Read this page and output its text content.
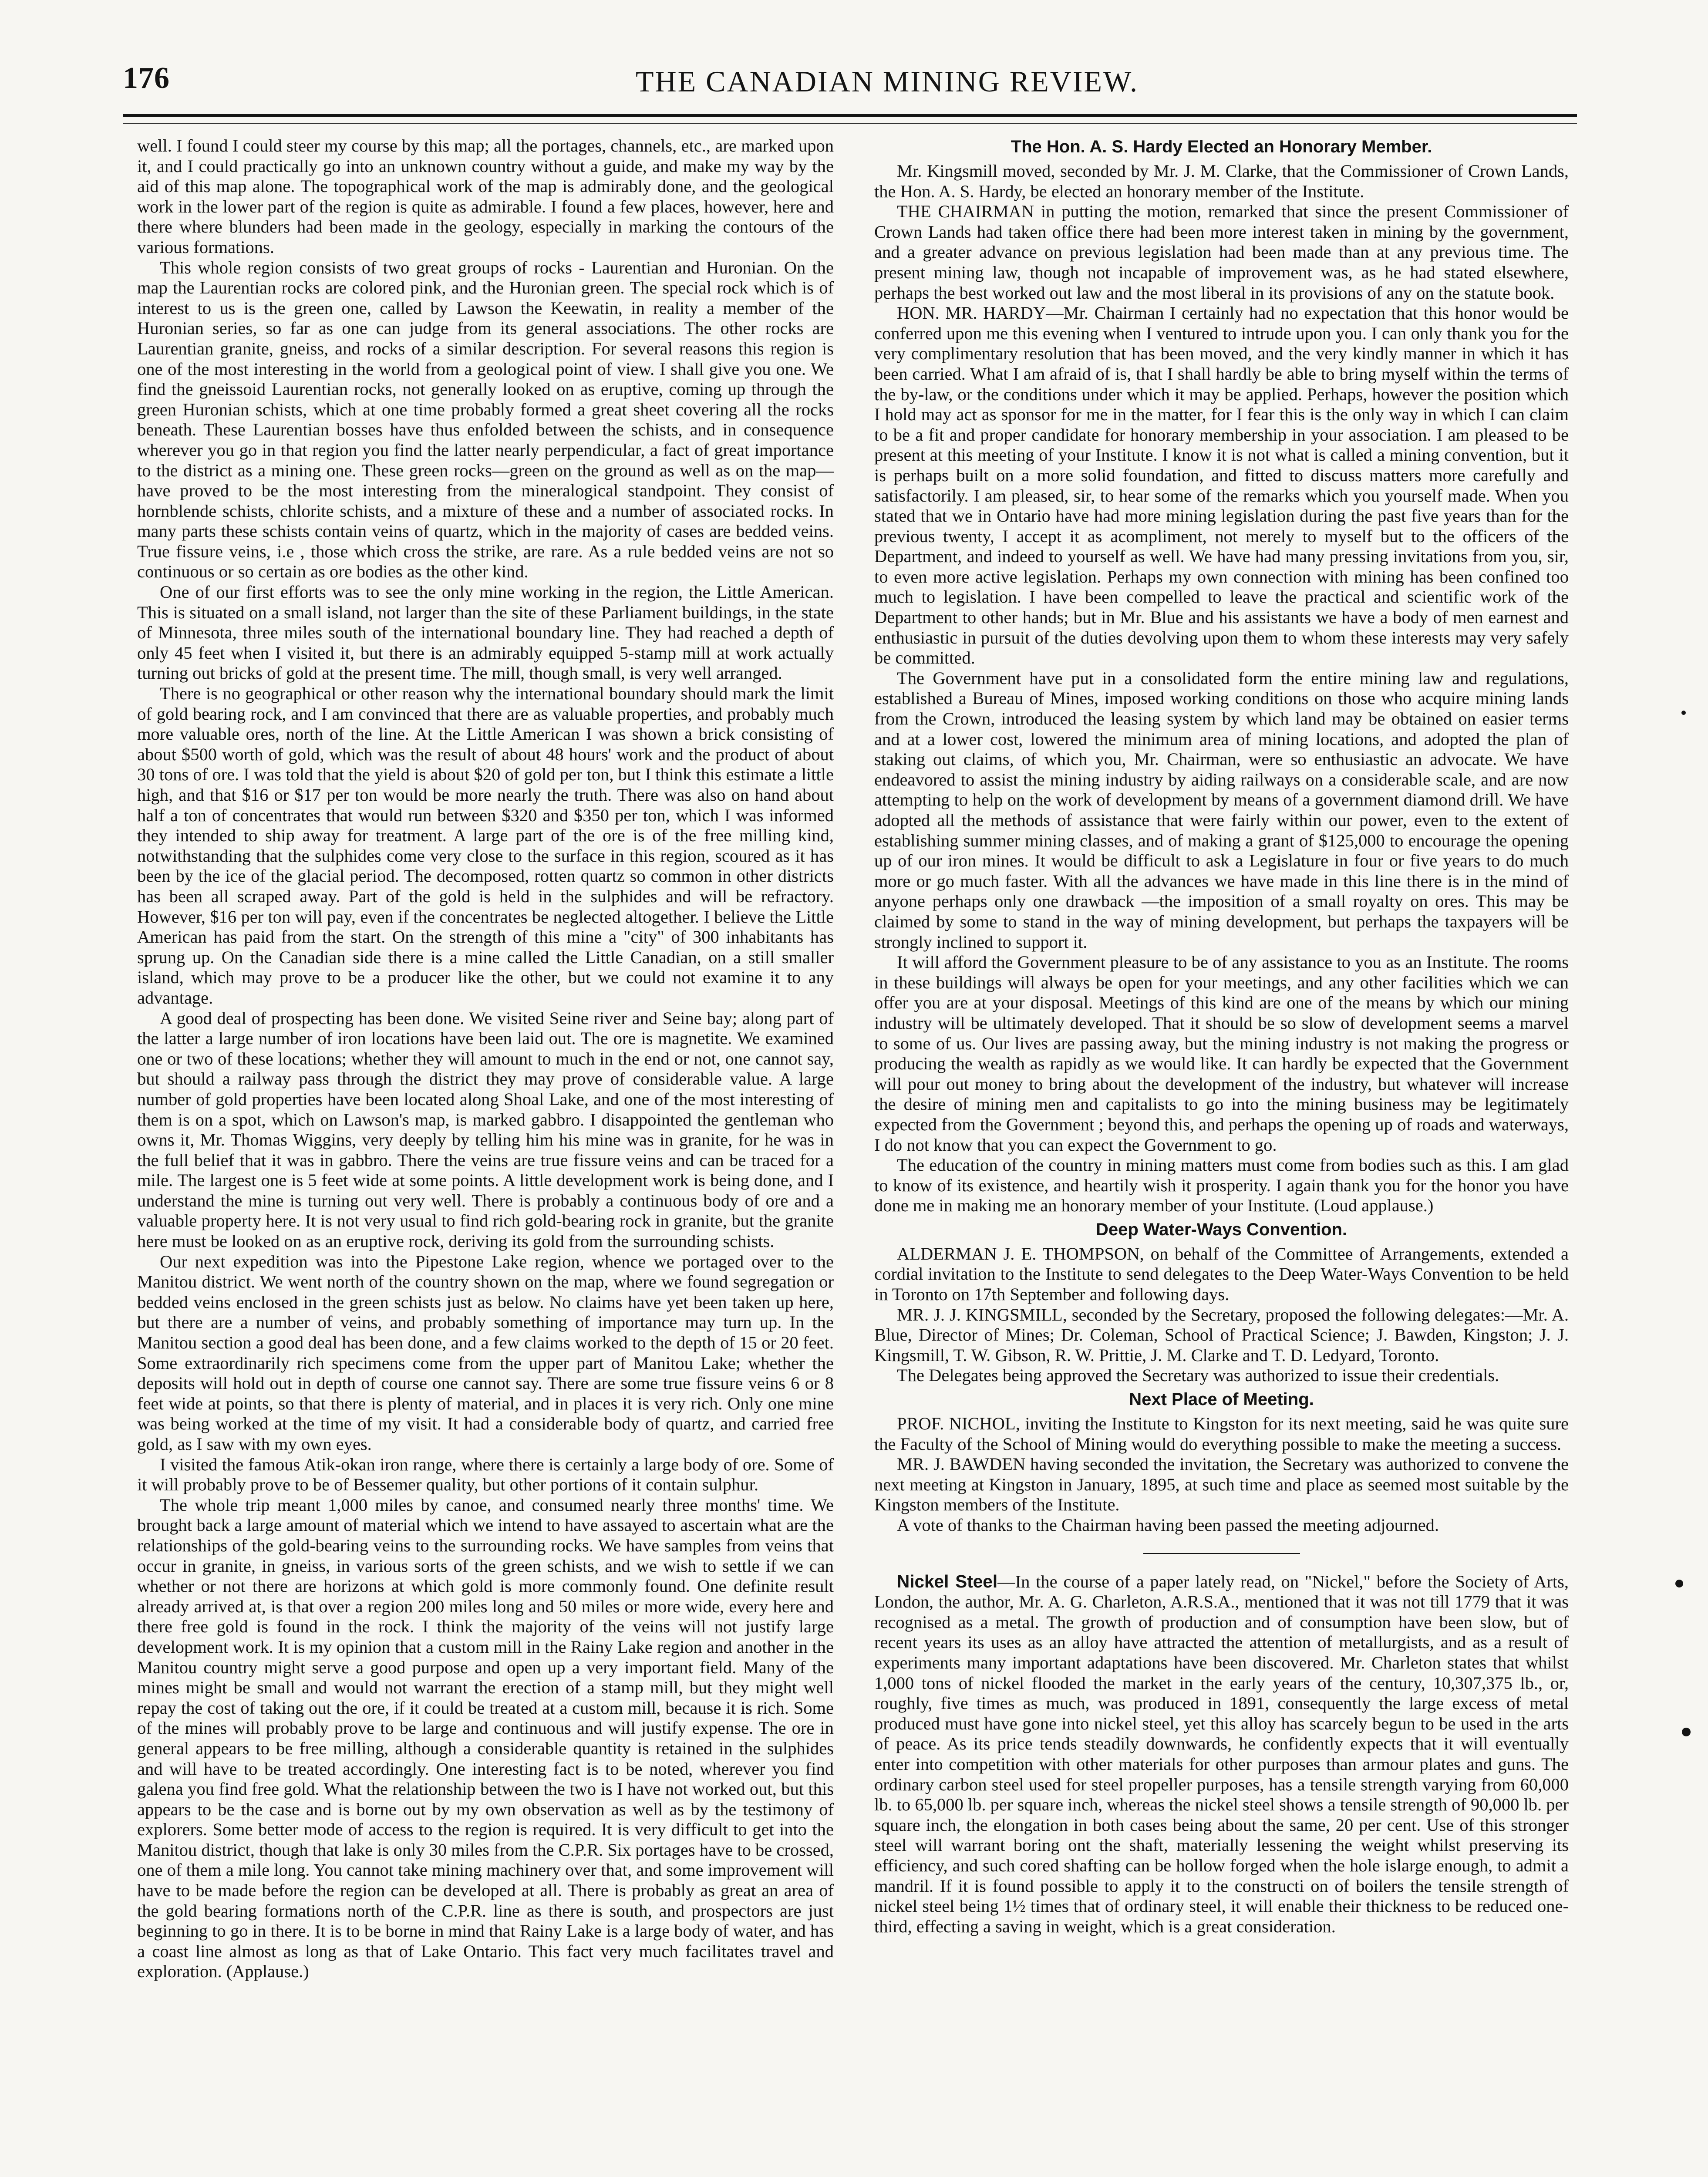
176	THE CANADIAN MINING REVIEW.

well. I found I could steer my course by this map; all the portages, channels, etc., are marked upon it, and I could practically go into an unknown country without a guide, and make my way by the aid of this map alone. The topographical work of the map is admirably done, and the geological work in the lower part of the region is quite as admirable. I found a few places, however, here and there where blunders had been made in the geology, especially in marking the contours of the various formations.

This whole region consists of two great groups of rocks - Laurentian and Huronian. On the map the Laurentian rocks are colored pink, and the Huronian green. The special rock which is of interest to us is the green one, called by Lawson the Keewatin, in reality a member of the Huronian series, so far as one can judge from its general associations. The other rocks are Laurentian granite, gneiss, and rocks of a similar description. For several reasons this region is one of the most interesting in the world from a geological point of view. I shall give you one. We find the gneissoid Laurentian rocks, not generally looked on as eruptive, coming up through the green Huronian schists, which at one time probably formed a great sheet covering all the rocks beneath. These Laurentian bosses have thus enfolded between the schists, and in consequence wherever you go in that region you find the latter nearly perpendicular, a fact of great importance to the district as a mining one. These green rocks—green on the ground as well as on the map—have proved to be the most interesting from the mineralogical standpoint. They consist of hornblende schists, chlorite schists, and a mixture of these and a number of associated rocks. In many parts these schists contain veins of quartz, which in the majority of cases are bedded veins. True fissure veins, i.e , those which cross the strike, are rare. As a rule bedded veins are not so continuous or so certain as ore bodies as the other kind.

One of our first efforts was to see the only mine working in the region, the Little American. This is situated on a small island, not larger than the site of these Parliament buildings, in the state of Minnesota, three miles south of the international boundary line. They had reached a depth of only 45 feet when I visited it, but there is an admirably equipped 5-stamp mill at work actually turning out bricks of gold at the present time. The mill, though small, is very well arranged.

There is no geographical or other reason why the international boundary should mark the limit of gold bearing rock, and I am convinced that there are as valuable properties, and probably much more valuable ores, north of the line. At the Little American I was shown a brick consisting of about $500 worth of gold, which was the result of about 48 hours' work and the product of about 30 tons of ore. I was told that the yield is about $20 of gold per ton, but I think this estimate a little high, and that $16 or $17 per ton would be more nearly the truth. There was also on hand about half a ton of concentrates that would run between $320 and $350 per ton, which I was informed they intended to ship away for treatment. A large part of the ore is of the free milling kind, notwithstanding that the sulphides come very close to the surface in this region, scoured as it has been by the ice of the glacial period. The decomposed, rotten quartz so common in other districts has been all scraped away. Part of the gold is held in the sulphides and will be refractory. However, $16 per ton will pay, even if the concentrates be neglected altogether. I believe the Little American has paid from the start. On the strength of this mine a "city" of 300 inhabitants has sprung up. On the Canadian side there is a mine called the Little Canadian, on a still smaller island, which may prove to be a producer like the other, but we could not examine it to any advantage.

A good deal of prospecting has been done. We visited Seine river and Seine bay; along part of the latter a large number of iron locations have been laid out. The ore is magnetite. We examined one or two of these locations; whether they will amount to much in the end or not, one cannot say, but should a railway pass through the district they may prove of considerable value. A large number of gold properties have been located along Shoal Lake, and one of the most interesting of them is on a spot, which on Lawson's map, is marked gabbro. I disappointed the gentleman who owns it, Mr. Thomas Wiggins, very deeply by telling him his mine was in granite, for he was in the full belief that it was in gabbro. There the veins are true fissure veins and can be traced for a mile. The largest one is 5 feet wide at some points. A little development work is being done, and I understand the mine is turning out very well. There is probably a continuous body of ore and a valuable property here. It is not very usual to find rich gold-bearing rock in granite, but the granite here must be looked on as an eruptive rock, deriving its gold from the surrounding schists.

Our next expedition was into the Pipestone Lake region, whence we portaged over to the Manitou district. We went north of the country shown on the map, where we found segregation or bedded veins enclosed in the green schists just as below. No claims have yet been taken up here, but there are a number of veins, and probably something of importance may turn up. In the Manitou section a good deal has been done, and a few claims worked to the depth of 15 or 20 feet. Some extraordinarily rich specimens come from the upper part of Manitou Lake; whether the deposits will hold out in depth of course one cannot say. There are some true fissure veins 6 or 8 feet wide at points, so that there is plenty of material, and in places it is very rich. Only one mine was being worked at the time of my visit. It had a considerable body of quartz, and carried free gold, as I saw with my own eyes.

I visited the famous Atik-okan iron range, where there is certainly a large body of ore. Some of it will probably prove to be of Bessemer quality, but other portions of it contain sulphur.

The whole trip meant 1,000 miles by canoe, and consumed nearly three months' time. We brought back a large amount of material which we intend to have assayed to ascertain what are the relationships of the gold-bearing veins to the surrounding rocks. We have samples from veins that occur in granite, in gneiss, in various sorts of the green schists, and we wish to settle if we can whether or not there are horizons at which gold is more commonly found. One definite result already arrived at, is that over a region 200 miles long and 50 miles or more wide, every here and there free gold is found in the rock. I think the majority of the veins will not justify large development work. It is my opinion that a custom mill in the Rainy Lake region and another in the Manitou country might serve a good purpose and open up a very important field. Many of the mines might be small and would not warrant the erection of a stamp mill, but they might well repay the cost of taking out the ore, if it could be treated at a custom mill, because it is rich. Some of the mines will probably prove to be large and continuous and will justify expense. The ore in general appears to be free milling, although a considerable quantity is retained in the sulphides and will have to be treated accordingly. One interesting fact is to be noted, wherever you find galena you find free gold. What the relationship between the two is I have not worked out, but this appears to be the case and is borne out by my own observation as well as by the testimony of explorers. Some better mode of access to the region is required. It is very difficult to get into the Manitou district, though that lake is only 30 miles from the C.P.R. Six portages have to be crossed, one of them a mile long. You cannot take mining machinery over that, and some improvement will have to be made before the region can be developed at all. There is probably as great an area of the gold bearing formations north of the C.P.R. line as there is south, and prospectors are just beginning to go in there. It is to be borne in mind that Rainy Lake is a large body of water, and has a coast line almost as long as that of Lake Ontario. This fact very much facilitates travel and exploration. (Applause.)

The Hon. A. S. Hardy Elected an Honorary Member.

Mr. Kingsmill moved, seconded by Mr. J. M. Clarke, that the Commissioner of Crown Lands, the Hon. A. S. Hardy, be elected an honorary member of the Institute.

THE CHAIRMAN in putting the motion, remarked that since the present Commissioner of Crown Lands had taken office there had been more interest taken in mining by the government, and a greater advance on previous legislation had been made than at any previous time. The present mining law, though not incapable of improvement was, as he had stated elsewhere, perhaps the best worked out law and the most liberal in its provisions of any on the statute book.

HON. MR. HARDY—Mr. Chairman I certainly had no expectation that this honor would be conferred upon me this evening when I ventured to intrude upon you. I can only thank you for the very complimentary resolution that has been moved, and the very kindly manner in which it has been carried. What I am afraid of is, that I shall hardly be able to bring myself within the terms of the by-law, or the conditions under which it may be applied. Perhaps, however the position which I hold may act as sponsor for me in the matter, for I fear this is the only way in which I can claim to be a fit and proper candidate for honorary membership in your association. I am pleased to be present at this meeting of your Institute. I know it is not what is called a mining convention, but it is perhaps built on a more solid foundation, and fitted to discuss matters more carefully and satisfactorily. I am pleased, sir, to hear some of the remarks which you yourself made. When you stated that we in Ontario have had more mining legislation during the past five years than for the previous twenty, I accept it as acompliment, not merely to myself but to the officers of the Department, and indeed to yourself as well. We have had many pressing invitations from you, sir, to even more active legislation. Perhaps my own connection with mining has been confined too much to legislation. I have been compelled to leave the practical and scientific work of the Department to other hands; but in Mr. Blue and his assistants we have a body of men earnest and enthusiastic in pursuit of the duties devolving upon them to whom these interests may very safely be committed.

The Government have put in a consolidated form the entire mining law and regulations, established a Bureau of Mines, imposed working conditions on those who acquire mining lands from the Crown, introduced the leasing system by which land may be obtained on easier terms and at a lower cost, lowered the minimum area of mining locations, and adopted the plan of staking out claims, of which you, Mr. Chairman, were so enthusiastic an advocate. We have endeavored to assist the mining industry by aiding railways on a considerable scale, and are now attempting to help on the work of development by means of a government diamond drill. We have adopted all the methods of assistance that were fairly within our power, even to the extent of establishing summer mining classes, and of making a grant of $125,000 to encourage the opening up of our iron mines. It would be difficult to ask a Legislature in four or five years to do much more or go much faster. With all the advances we have made in this line there is in the mind of anyone perhaps only one drawback —the imposition of a small royalty on ores. This may be claimed by some to stand in the way of mining development, but perhaps the taxpayers will be strongly inclined to support it.

It will afford the Government pleasure to be of any assistance to you as an Institute. The rooms in these buildings will always be open for your meetings, and any other facilities which we can offer you are at your disposal. Meetings of this kind are one of the means by which our mining industry will be ultimately developed. That it should be so slow of development seems a marvel to some of us. Our lives are passing away, but the mining industry is not making the progress or producing the wealth as rapidly as we would like. It can hardly be expected that the Government will pour out money to bring about the development of the industry, but whatever will increase the desire of mining men and capitalists to go into the mining business may be legitimately expected from the Government ; beyond this, and perhaps the opening up of roads and waterways, I do not know that you can expect the Government to go.

The education of the country in mining matters must come from bodies such as this. I am glad to know of its existence, and heartily wish it prosperity. I again thank you for the honor you have done me in making me an honorary member of your Institute. (Loud applause.)

Deep Water-Ways Convention.

ALDERMAN J. E. THOMPSON, on behalf of the Committee of Arrangements, extended a cordial invitation to the Institute to send delegates to the Deep Water-Ways Convention to be held in Toronto on 17th September and following days.

MR. J. J. KINGSMILL, seconded by the Secretary, proposed the following delegates:—Mr. A. Blue, Director of Mines; Dr. Coleman, School of Practical Science; J. Bawden, Kingston; J. J. Kingsmill, T. W. Gibson, R. W. Prittie, J. M. Clarke and T. D. Ledyard, Toronto.

The Delegates being approved the Secretary was authorized to issue their credentials.

Next Place of Meeting.

PROF. NICHOL, inviting the Institute to Kingston for its next meeting, said he was quite sure the Faculty of the School of Mining would do everything possible to make the meeting a success.

MR. J. BAWDEN having seconded the invitation, the Secretary was authorized to convene the next meeting at Kingston in January, 1895, at such time and place as seemed most suitable by the Kingston members of the Institute.

A vote of thanks to the Chairman having been passed the meeting adjourned.

Nickel Steel—In the course of a paper lately read, on "Nickel," before the Society of Arts, London, the author, Mr. A. G. Charleton, A.R.S.A., mentioned that it was not till 1779 that it was recognised as a metal. The growth of production and of consumption have been slow, but of recent years its uses as an alloy have attracted the attention of metallurgists, and as a result of experiments many important adaptations have been discovered. Mr. Charleton states that whilst 1,000 tons of nickel flooded the market in the early years of the century, 10,307,375 lb., or, roughly, five times as much, was produced in 1891, consequently the large excess of metal produced must have gone into nickel steel, yet this alloy has scarcely begun to be used in the arts of peace. As its price tends steadily downwards, he confidently expects that it will eventually enter into competition with other materials for other purposes than armour plates and guns. The ordinary carbon steel used for steel propeller purposes, has a tensile strength varying from 60,000 lb. to 65,000 lb. per square inch, whereas the nickel steel shows a tensile strength of 90,000 lb. per square inch, the elongation in both cases being about the same, 20 per cent. Use of this stronger steel will warrant boring ont the shaft, materially lessening the weight whilst preserving its efficiency, and such cored shafting can be hollow forged when the hole islarge enough, to admit a mandril. If it is found possible to apply it to the constructi on of boilers the tensile strength of nickel steel being 1½ times that of ordinary steel, it will enable their thickness to be reduced one-third, effecting a saving in weight, which is a great consideration.
